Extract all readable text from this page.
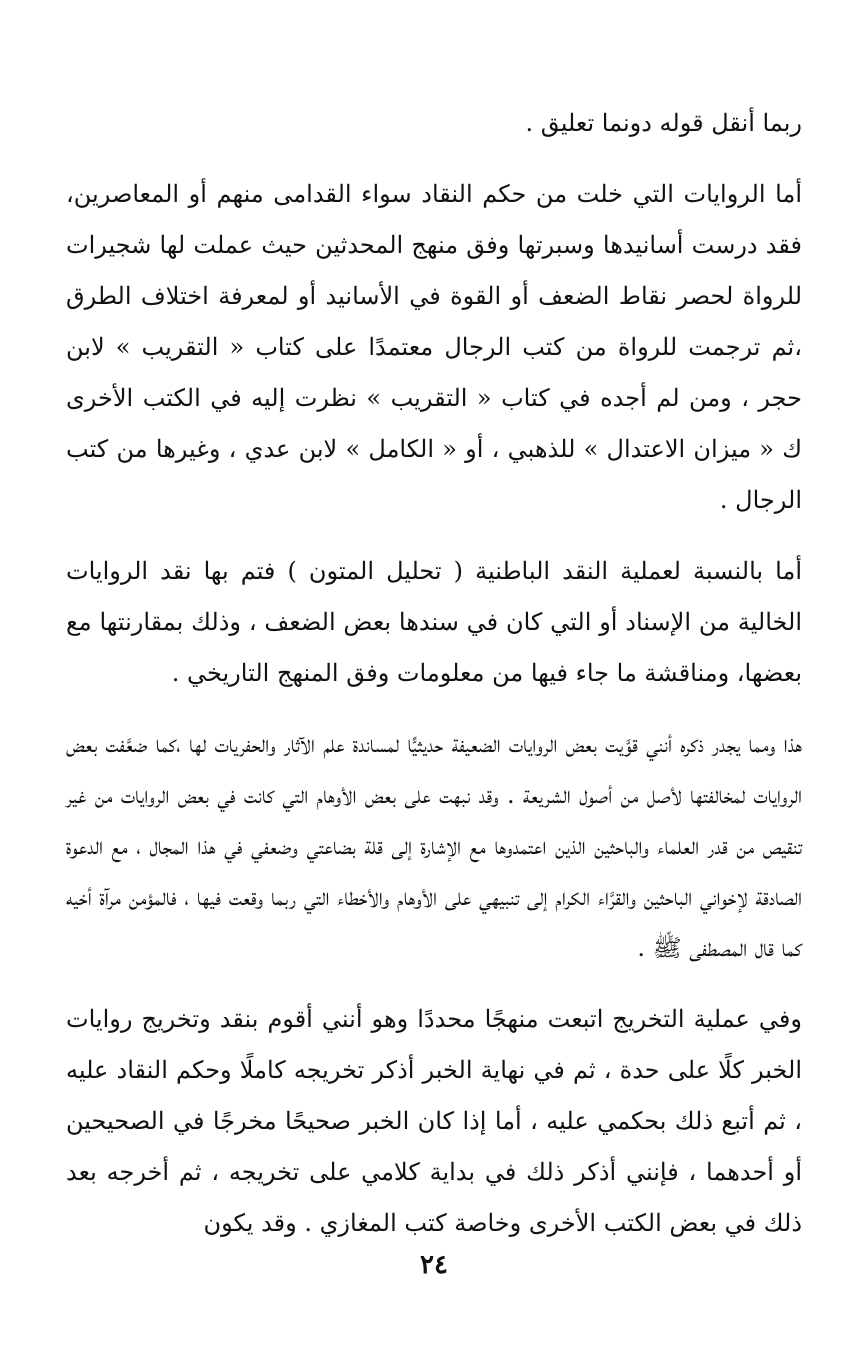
ربما أنقل قوله دونما تعليق .

أما الروايات التي خلت من حكم النقاد سواء القدامى منهم أو المعاصرين، فقد درست أسانيدها وسبرتها وفق منهج المحدثين حيث عملت لها شجيرات للرواة لحصر نقاط الضعف أو القوة في الأسانيد أو لمعرفة اختلاف الطرق ،ثم ترجمت للرواة من كتب الرجال معتمدًا على كتاب « التقريب » لابن حجر ، ومن لم أجده في كتاب « التقريب » نظرت إليه في الكتب الأخرى ك « ميزان الاعتدال » للذهبي ، أو « الكامل » لابن عدي ، وغيرها من كتب الرجال .

أما بالنسبة لعملية النقد الباطنية ( تحليل المتون ) فتم بها نقد الروايات الخالية من الإسناد أو التي كان في سندها بعض الضعف ، وذلك بمقارنتها مع بعضها، ومناقشة ما جاء فيها من معلومات وفق المنهج التاريخي .

هذا ومما يجدر ذكره أنني قوَّيت بعض الروايات الضعيفة حديثيًّا لمساندة علم الآثار والحفريات لها ،كما ضعَّفت بعض الروايات لمخالفتها لأصل من أصول الشريعة . وقد نبهت على بعض الأوهام التي كانت في بعض الروايات من غير تنقيص من قدر العلماء والباحثين الذين اعتمدوها مع الإشارة إلى قلة بضاعتي وضعفي في هذا المجال ، مع الدعوة الصادقة لإخواني الباحثين والقرَّاء الكرام إلى تنبيهي على الأوهام والأخطاء التي ربما وقعت فيها ، فالمؤمن مرآة أخيه كما قال المصطفى ﷺ .

وفي عملية التخريج اتبعت منهجًا محددًا وهو أنني أقوم بنقد وتخريج روايات الخبر كلًا على حدة ، ثم في نهاية الخبر أذكر تخريجه كاملًا وحكم النقاد عليه ، ثم أتبع ذلك بحكمي عليه ، أما إذا كان الخبر صحيحًا مخرجًا في الصحيحين أو أحدهما ، فإنني أذكر ذلك في بداية كلامي على تخريجه ، ثم أخرجه بعد ذلك في بعض الكتب الأخرى وخاصة كتب المغازي . وقد يكون

٢٤
